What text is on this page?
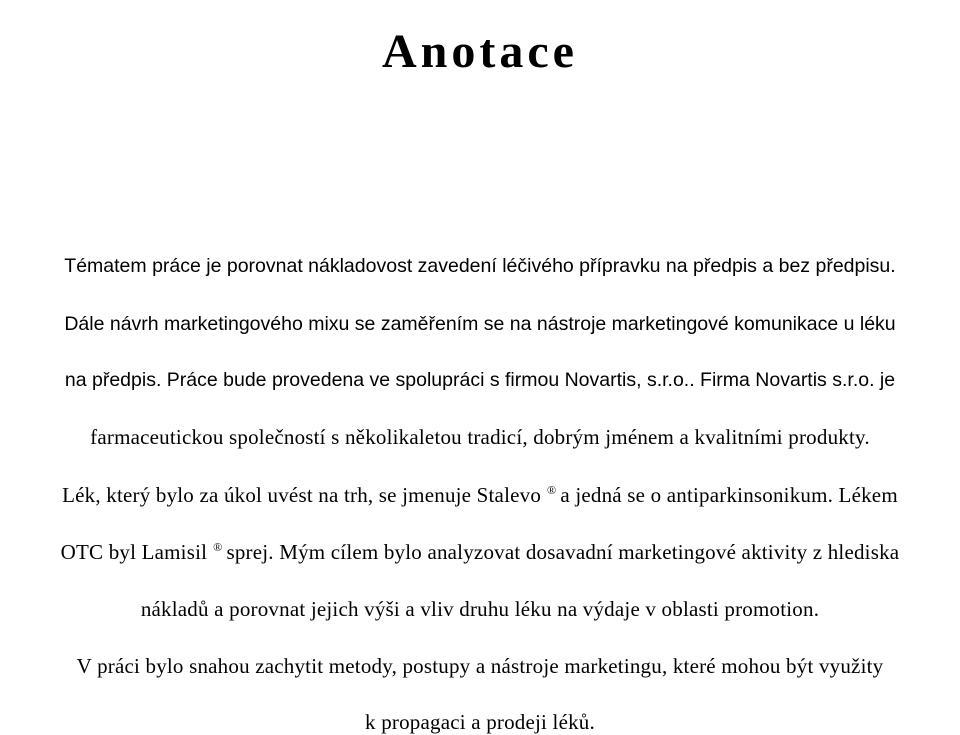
Anotace
Tématem práce je porovnat nákladovost zavedení léčivého přípravku na předpis a bez předpisu.
Dále návrh marketingového mixu se zaměřením se na nástroje marketingové komunikace u léku
na předpis. Práce bude provedena ve spolupráci s firmou Novartis, s.r.o.. Firma Novartis s.r.o. je
farmaceutickou společností s několikaletou tradicí, dobrým jménem a kvalitními produkty.
Lék, který bylo za úkol uvést na trh, se jmenuje Stalevo ® a jedná se o antiparkinsonikum. Lékem
OTC byl Lamisil ® sprej. Mým cílem bylo analyzovat dosavadní marketingové aktivity z hlediska
nákladů a porovnat jejich výši a vliv druhu léku na výdaje v oblasti promotion.
V práci bylo snahou zachytit metody, postupy a nástroje marketingu, které mohou být využity
k propagaci a prodeji léků.
